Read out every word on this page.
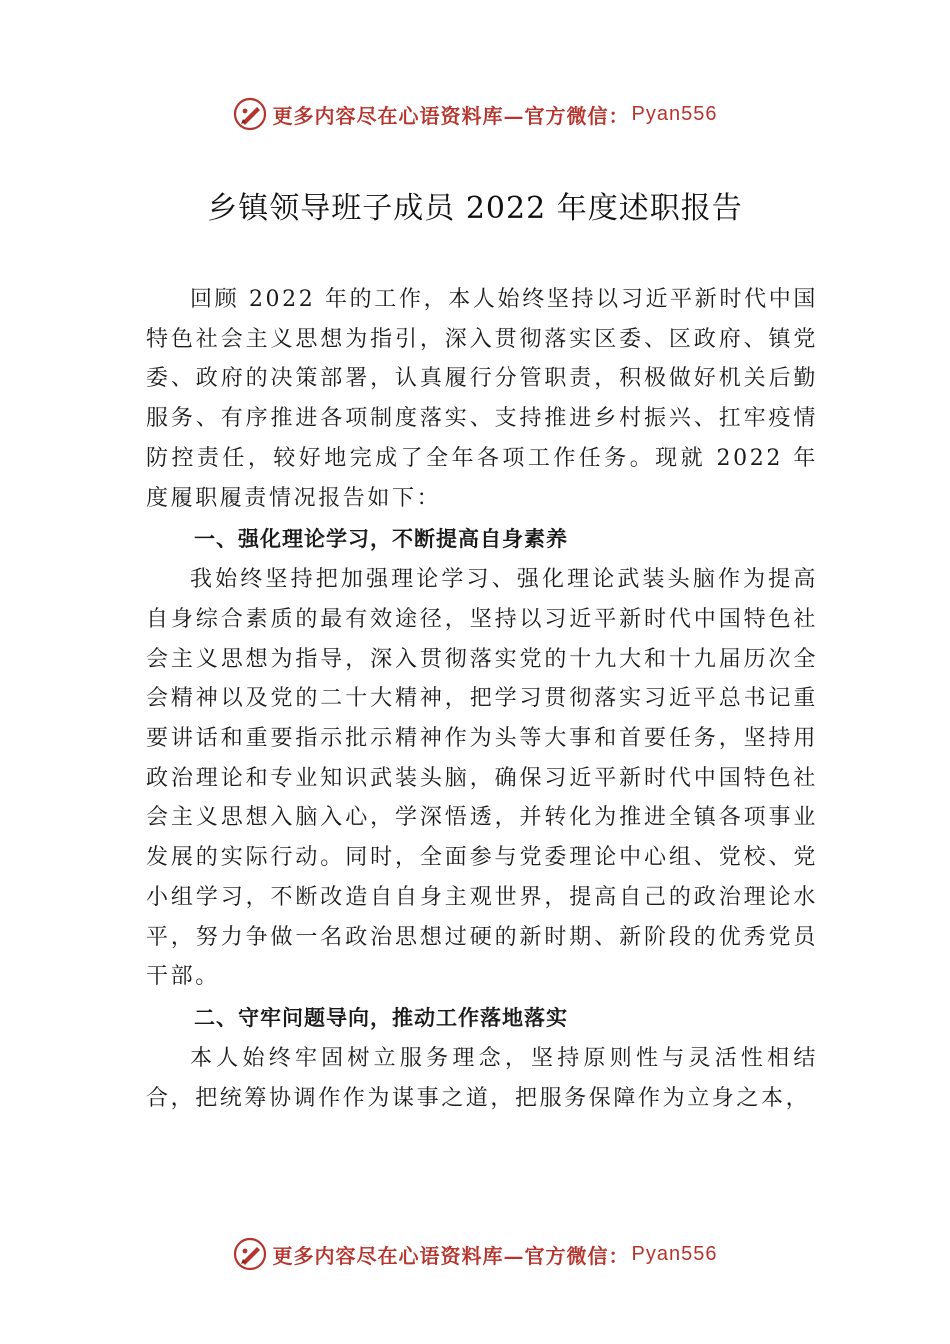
更多内容尽在心语资料库—官方微信： Pyan556
乡镇领导班子成员 2022 年度述职报告

回顾 2022 年的工作，本人始终坚持以习近平新时代中国特色社会主义思想为指引，深入贯彻落实区委、区政府、镇党委、政府的决策部署，认真履行分管职责，积极做好机关后勤服务、有序推进各项制度落实、支持推进乡村振兴、扛牢疫情防控责任，较好地完成了全年各项工作任务。现就 2022 年度履职履责情况报告如下：

一、强化理论学习，不断提高自身素养

我始终坚持把加强理论学习、强化理论武装头脑作为提高自身综合素质的最有效途径，坚持以习近平新时代中国特色社会主义思想为指导，深入贯彻落实党的十九大和十九届历次全会精神以及党的二十大精神，把学习贯彻落实习近平总书记重要讲话和重要指示批示精神作为头等大事和首要任务，坚持用政治理论和专业知识武装头脑，确保习近平新时代中国特色社会主义思想入脑入心，学深悟透，并转化为推进全镇各项事业发展的实际行动。同时，全面参与党委理论中心组、党校、党小组学习，不断改造自自身主观世界，提高自己的政治理论水平，努力争做一名政治思想过硬的新时期、新阶段的优秀党员干部。

二、守牢问题导向，推动工作落地落实

本人始终牢固树立服务理念，坚持原则性与灵活性相结合，把统筹协调作作为谋事之道，把服务保障作为立身之本，

更多内容尽在心语资料库—官方微信： Pyan556
